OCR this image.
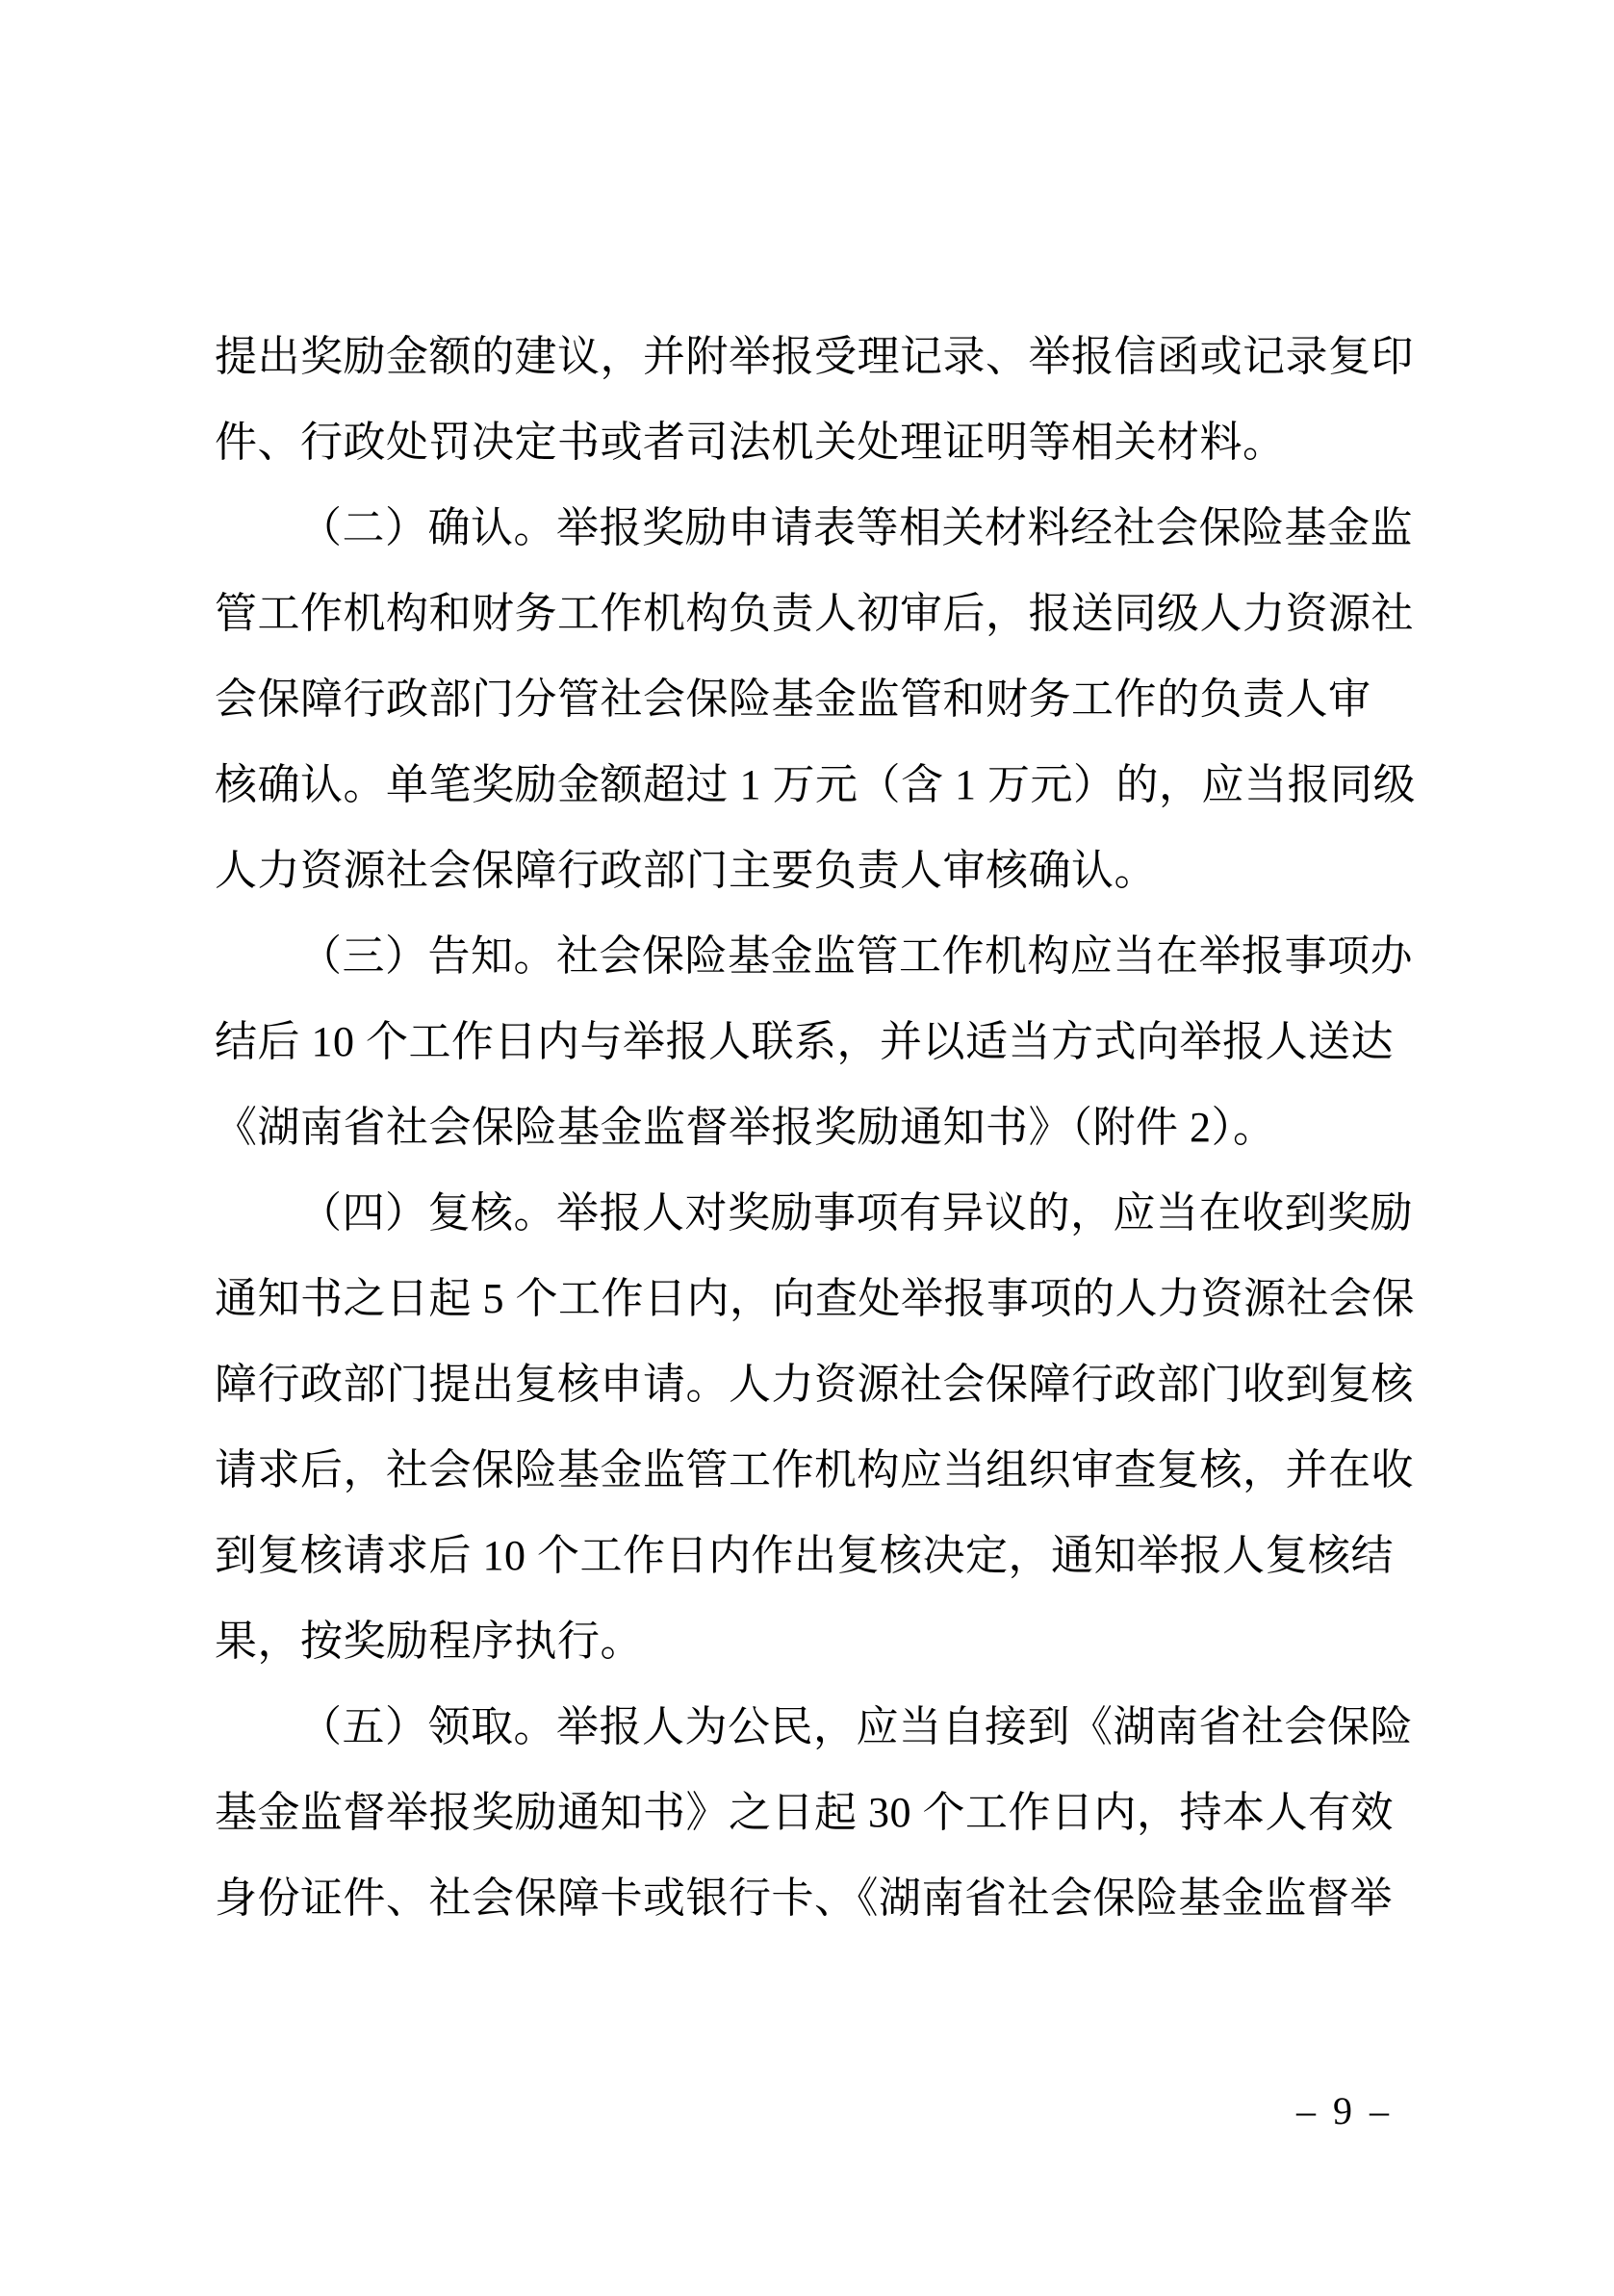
提出奖励金额的建议，并附举报受理记录、举报信函或记录复印
件、行政处罚决定书或者司法机关处理证明等相关材料。
（二）确认。举报奖励申请表等相关材料经社会保险基金监
管工作机构和财务工作机构负责人初审后，报送同级人力资源社
会保障行政部门分管社会保险基金监管和财务工作的负责人审
核确认。单笔奖励金额超过 1 万元（含 1 万元）的，应当报同级
人力资源社会保障行政部门主要负责人审核确认。
（三）告知。社会保险基金监管工作机构应当在举报事项办
结后 10 个工作日内与举报人联系，并以适当方式向举报人送达
《湖南省社会保险基金监督举报奖励通知书》（附件 2）。
（四）复核。举报人对奖励事项有异议的，应当在收到奖励
通知书之日起 5 个工作日内，向查处举报事项的人力资源社会保
障行政部门提出复核申请。人力资源社会保障行政部门收到复核
请求后，社会保险基金监管工作机构应当组织审查复核，并在收
到复核请求后 10 个工作日内作出复核决定，通知举报人复核结
果，按奖励程序执行。
（五）领取。举报人为公民，应当自接到《湖南省社会保险
基金监督举报奖励通知书》之日起 30 个工作日内，持本人有效
身份证件、社会保障卡或银行卡、《湖南省社会保险基金监督举
– 9 –
